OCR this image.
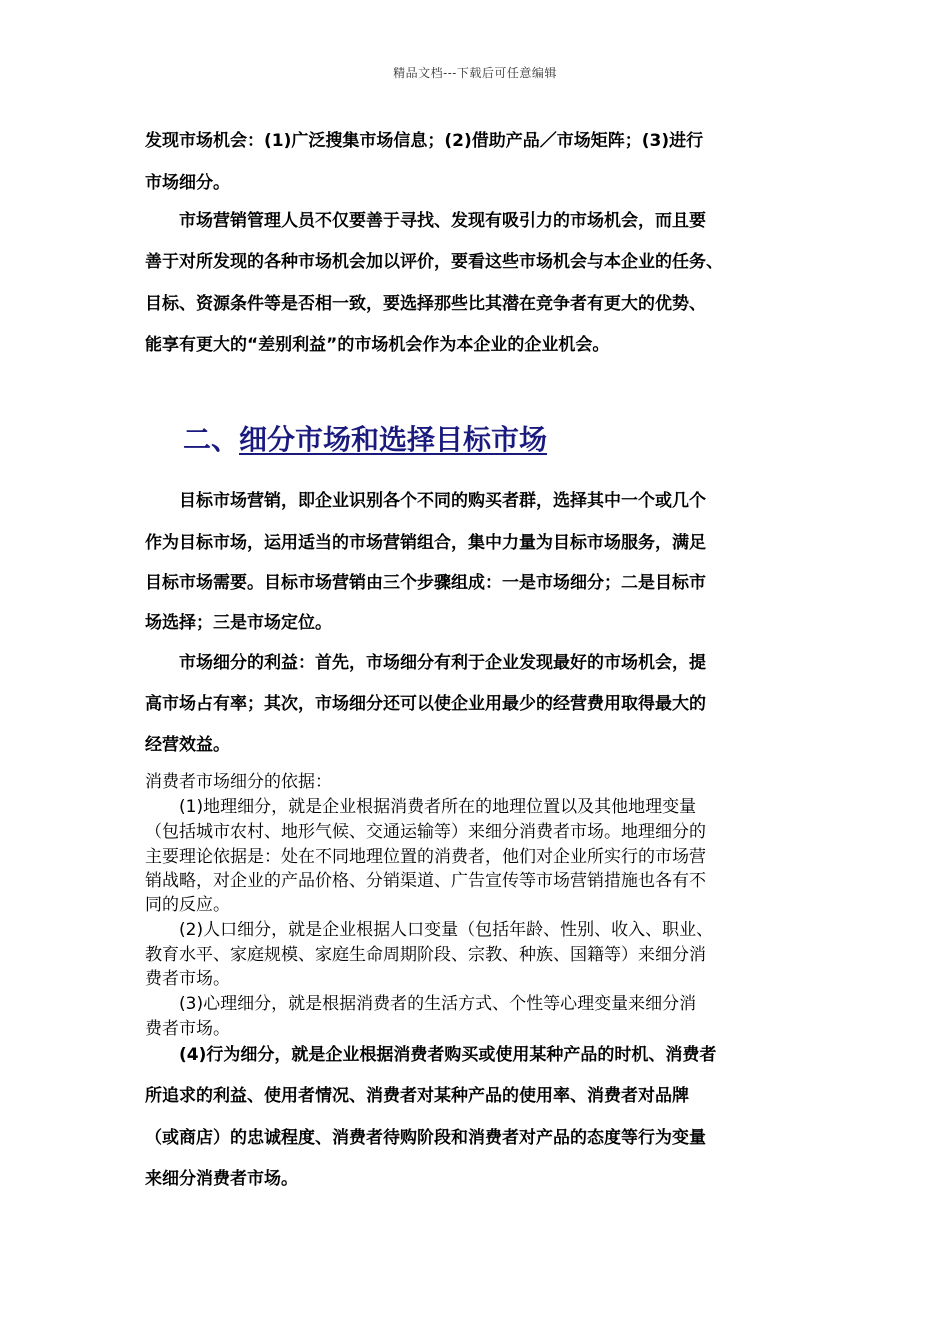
精品文档---下载后可任意编辑
发现市场机会：(1)广泛搜集市场信息；(2)借助产品／市场矩阵；(3)进行
市场细分。
　　市场营销管理人员不仅要善于寻找、发现有吸引力的市场机会，而且要
善于对所发现的各种市场机会加以评价，要看这些市场机会与本企业的任务、
目标、资源条件等是否相一致，要选择那些比其潜在竞争者有更大的优势、
能享有更大的“差别利益”的市场机会作为本企业的企业机会。
二、细分市场和选择目标市场
　　目标市场营销，即企业识别各个不同的购买者群，选择其中一个或几个
作为目标市场，运用适当的市场营销组合，集中力量为目标市场服务，满足
目标市场需要。目标市场营销由三个步骤组成：一是市场细分；二是目标市
场选择；三是市场定位。
　　市场细分的利益：首先，市场细分有利于企业发现最好的市场机会，提
高市场占有率；其次，市场细分还可以使企业用最少的经营费用取得最大的
经营效益。
消费者市场细分的依据：
　　(1)地理细分，就是企业根据消费者所在的地理位置以及其他地理变量
（包括城市农村、地形气候、交通运输等）来细分消费者市场。地理细分的
主要理论依据是：处在不同地理位置的消费者，他们对企业所实行的市场营
销战略，对企业的产品价格、分销渠道、广告宣传等市场营销措施也各有不
同的反应。
　　(2)人口细分，就是企业根据人口变量（包括年龄、性别、收入、职业、
教育水平、家庭规模、家庭生命周期阶段、宗教、种族、国籍等）来细分消
费者市场。
　　(3)心理细分，就是根据消费者的生活方式、个性等心理变量来细分消
费者市场。
　　(4)行为细分，就是企业根据消费者购买或使用某种产品的时机、消费者
所追求的利益、使用者情况、消费者对某种产品的使用率、消费者对品牌
（或商店）的忠诚程度、消费者待购阶段和消费者对产品的态度等行为变量
来细分消费者市场。
